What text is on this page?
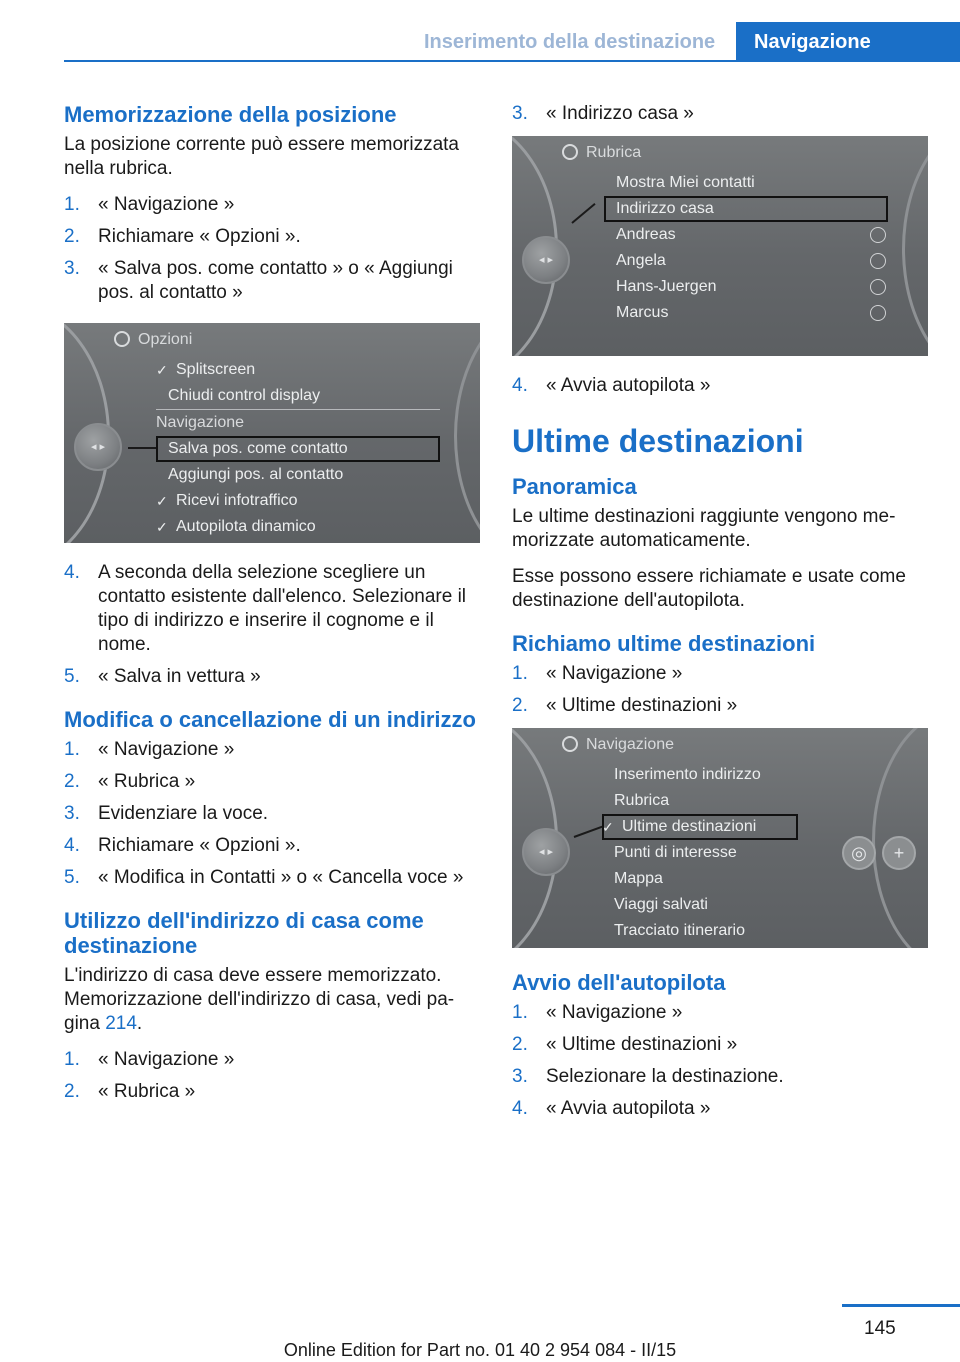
Inserimento della destinazione	Navigazione
Memorizzazione della posizione

La posizione corrente può essere memorizzata nella rubrica.

1. « Navigazione »
2. Richiamare « Opzioni ».
3. « Salva pos. come contatto » o « Aggiungi pos. al contatto »
Opzioni
✓ Splitscreen
Chiudi control display
Navigazione
Salva pos. come contatto
Aggiungi pos. al contatto
✓ Ricevi infotraffico
✓ Autopilota dinamico
◂ ▸
4. A seconda della selezione scegliere un contatto esistente dall'elenco. Selezionare il tipo di indirizzo e inserire il cognome e il nome.
5. « Salva in vettura »
Modifica o cancellazione di un indirizzo
1. « Navigazione »
2. « Rubrica »
3. Evidenziare la voce.
4. Richiamare « Opzioni ».
5. « Modifica in Contatti » o « Cancella voce »
Utilizzo dell'indirizzo di casa come destinazione

L'indirizzo di casa deve essere memorizzato. Memorizzazione dell'indirizzo di casa, vedi pa‐gina 214.

1. « Navigazione »
2. « Rubrica »
3. « Indirizzo casa »
Rubrica
Mostra Miei contatti
Indirizzo casa
Andreas
Angela
Hans-Juergen
Marcus
◂ ▸
4. « Avvia autopilota »
Ultime destinazioni
Panoramica

Le ultime destinazioni raggiunte vengono me‐morizzate automaticamente.

Esse possono essere richiamate e usate come destinazione dell'autopilota.

Richiamo ultime destinazioni
1. « Navigazione »
2. « Ultime destinazioni »
Navigazione
Inserimento indirizzo
Rubrica
✓ Ultime destinazioni
Punti di interesse
Mappa
Viaggi salvati
Tracciato itinerario
◂ ▸
◎	+
Avvio dell'autopilota
1. « Navigazione »
2. « Ultime destinazioni »
3. Selezionare la destinazione.
4. « Avvia autopilota »
145
Online Edition for Part no. 01 40 2 954 084 - II/15
